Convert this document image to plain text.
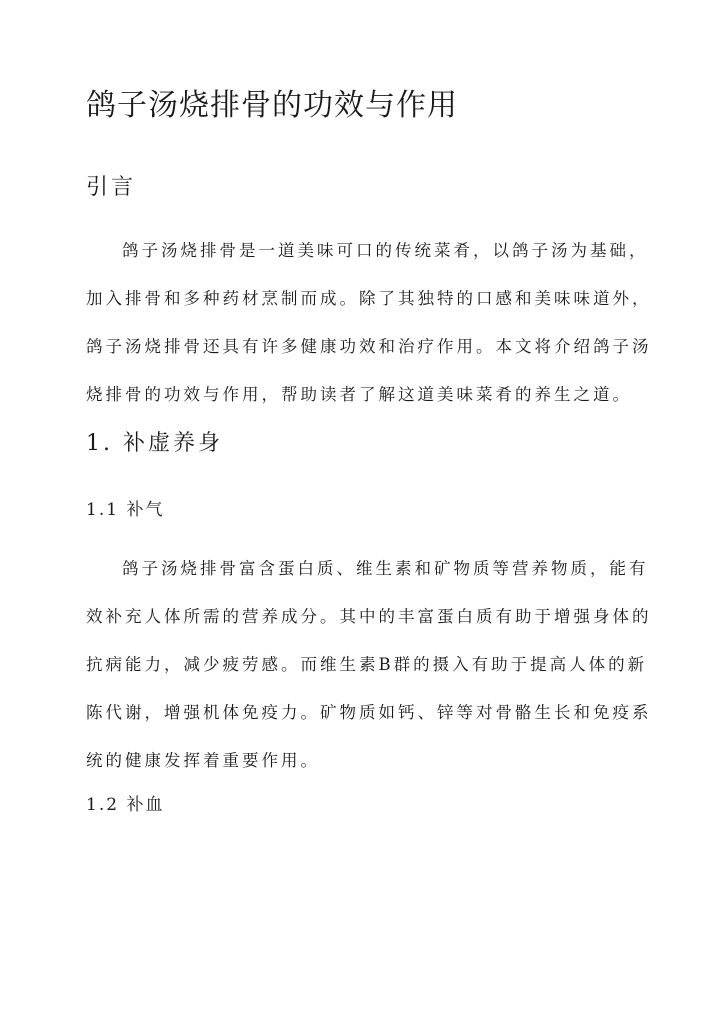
鸽子汤烧排骨的功效与作用
引言
鸽子汤烧排骨是一道美味可口的传统菜肴，以鸽子汤为基础，
加入排骨和多种药材烹制而成。除了其独特的口感和美味味道外，
鸽子汤烧排骨还具有许多健康功效和治疗作用。本文将介绍鸽子汤
烧排骨的功效与作用，帮助读者了解这道美味菜肴的养生之道。
1. 补虚养身
1.1 补气
鸽子汤烧排骨富含蛋白质、维生素和矿物质等营养物质，能有
效补充人体所需的营养成分。其中的丰富蛋白质有助于增强身体的
抗病能力，减少疲劳感。而维生素B群的摄入有助于提高人体的新
陈代谢，增强机体免疫力。矿物质如钙、锌等对骨骼生长和免疫系
统的健康发挥着重要作用。
1.2 补血
